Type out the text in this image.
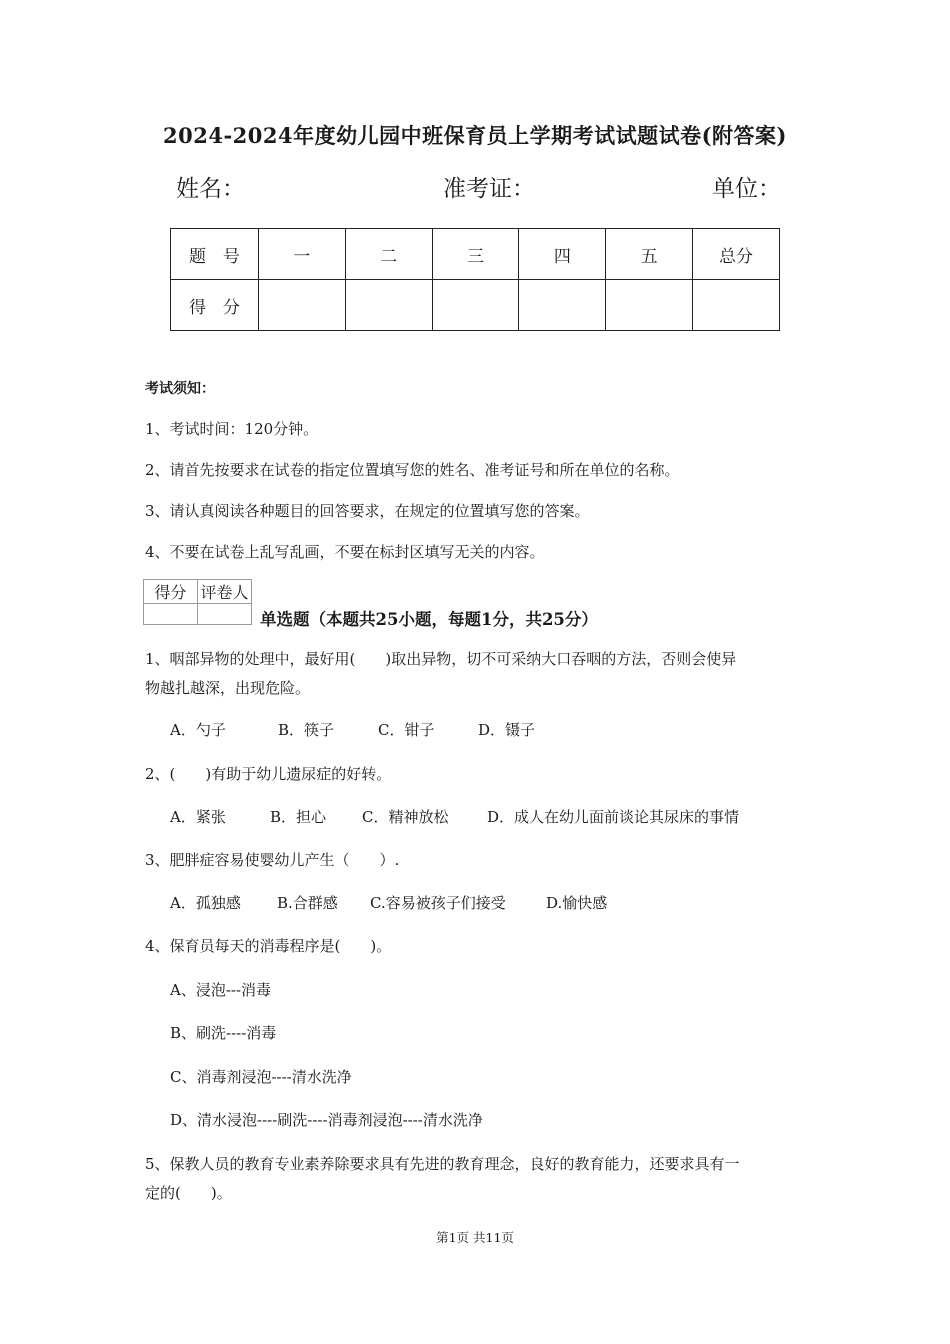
2024-2024年度幼儿园中班保育员上学期考试试题试卷(附答案)
姓名：	准考证：	单位：
题　号	一	二	三	四	五	总分
得　分						
考试须知：
1、考试时间：120分钟。
2、请首先按要求在试卷的指定位置填写您的姓名、准考证号和所在单位的名称。
3、请认真阅读各种题目的回答要求，在规定的位置填写您的答案。
4、不要在试卷上乱写乱画，不要在标封区填写无关的内容。
得分	评卷人

单选题（本题共25小题，每题1分，共25分）
1、咽部异物的处理中，最好用(　　)取出异物，切不可采纳大口吞咽的方法，否则会使异
物越扎越深，出现危险。
A．勺子	B．筷子	C．钳子	D．镊子
2、(　　)有助于幼儿遗尿症的好转。
A．紧张	B．担心 C．精神放松	D．成人在幼儿面前谈论其尿床的事情
3、肥胖症容易使婴幼儿产生（　　）.
A．孤独感 B.合群感 C.容易被孩子们接受	D.愉快感
4、保育员每天的消毒程序是(　　)。
A、浸泡---消毒
B、刷洗----消毒
C、消毒剂浸泡----清水洗净
D、清水浸泡----刷洗----消毒剂浸泡----清水洗净
5、保教人员的教育专业素养除要求具有先进的教育理念，良好的教育能力，还要求具有一
定的(　　)。
第1页 共11页
